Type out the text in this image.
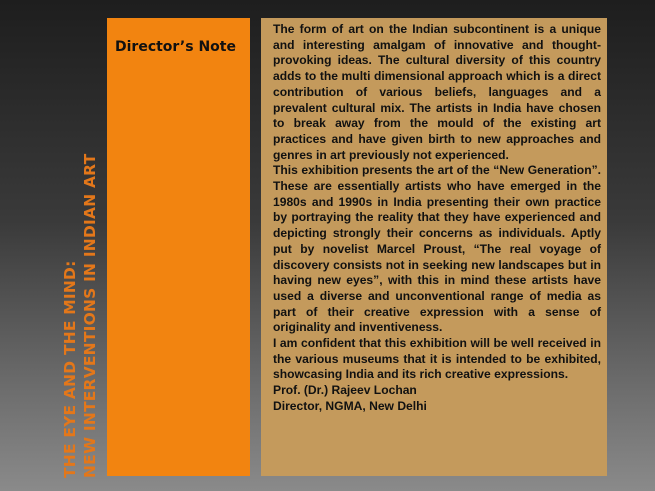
THE EYE AND THE MIND: NEW INTERVENTIONS IN INDIAN ART
Director’s Note

The form of art on the Indian subcontinent is a unique and interesting amalgam of innovative and thought-provoking ideas. The cultural diversity of this country adds to the multi dimensional approach which is a direct contribution of various beliefs, languages and a prevalent cultural mix. The artists in India have chosen to break away from the mould of the existing art practices and have given birth to new approaches and genres in art previously not experienced.

This exhibition presents the art of the “New Generation”. These are essentially artists who have emerged in the 1980s and 1990s in India presenting their own practice by portraying the reality that they have experienced and depicting strongly their concerns as individuals. Aptly put by novelist Marcel Proust, “The real voyage of discovery consists not in seeking new landscapes but in having new eyes”, with this in mind these artists have used a diverse and unconventional range of media as part of their creative expression with a sense of originality and inventiveness.

I am confident that this exhibition will be well received in the various museums that it is intended to be exhibited, showcasing India and its rich creative expressions.

Prof. (Dr.) Rajeev Lochan

Director, NGMA, New Delhi
